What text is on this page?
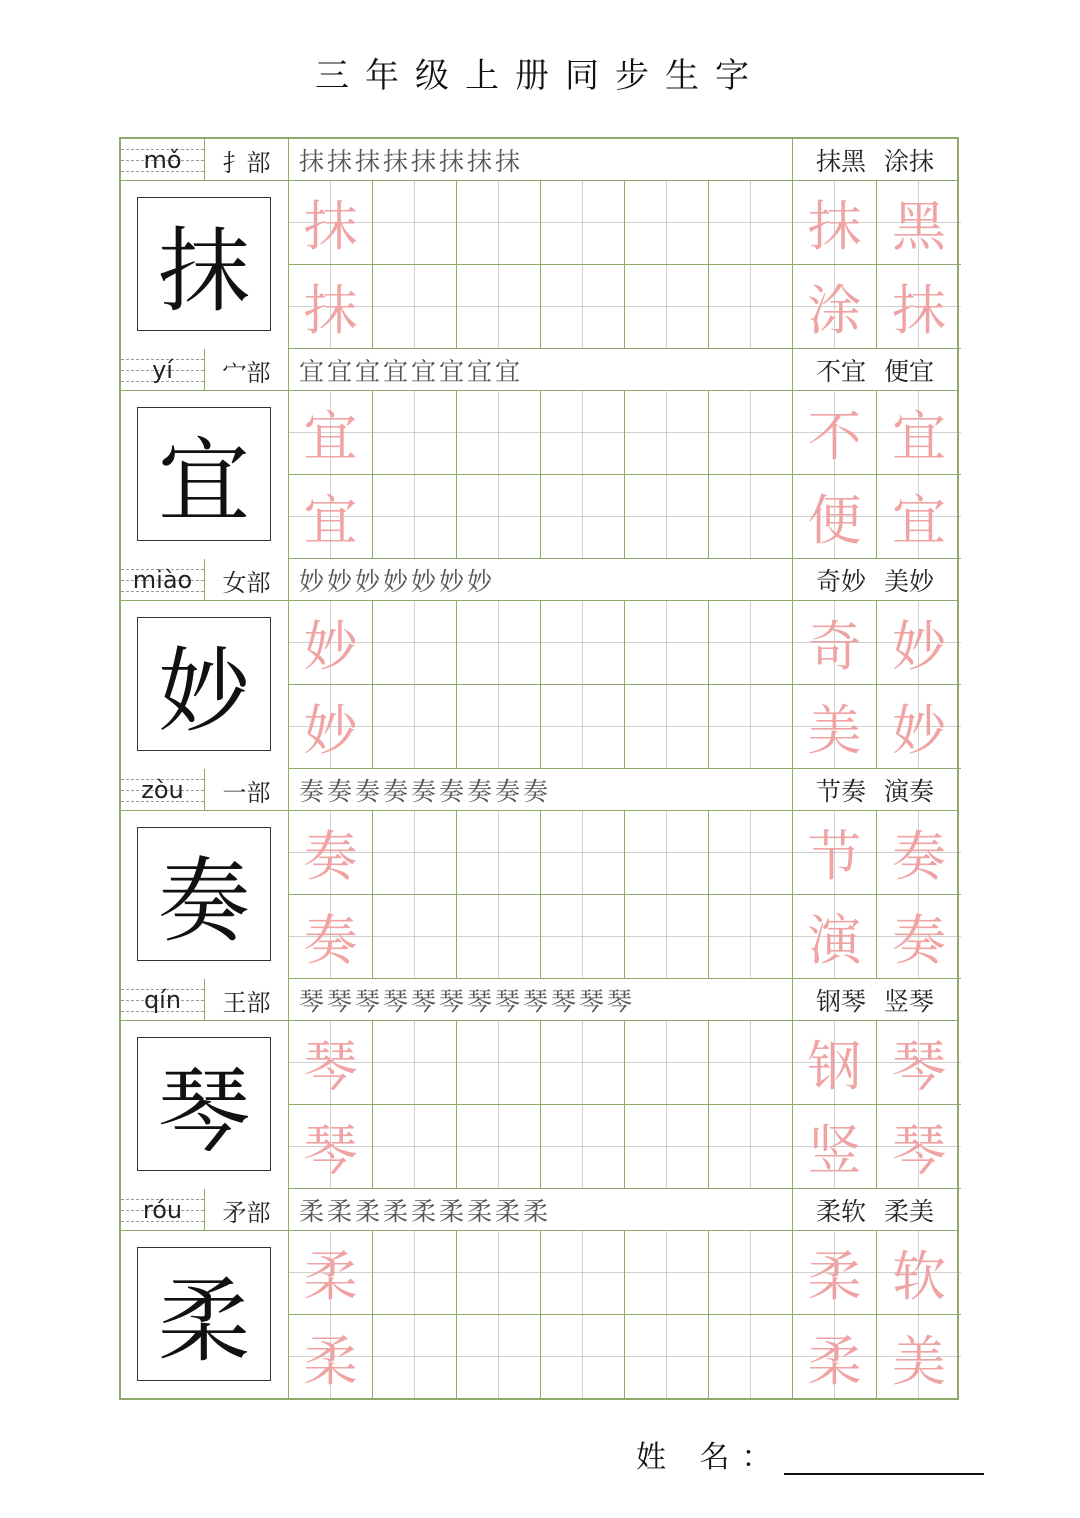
三年级上册同步生字
mǒ	扌部	抹抹抹抹抹抹抹抹	抹黑 涂抹
抹 抹	抹 黑
抹	涂 抹
yí	宀部	宜宜宜宜宜宜宜宜	不宜 便宜
宜 宜	不 宜
宜	便 宜
miào	女部	妙妙妙妙妙妙妙	奇妙 美妙
妙 妙	奇 妙
妙	美 妙
zòu	一部	奏奏奏奏奏奏奏奏奏	节奏 演奏
奏 奏	节 奏
奏	演 奏
qín	王部	琴琴琴琴琴琴琴琴琴琴琴琴	钢琴 竖琴
琴 琴	钢 琴
琴	竖 琴
róu	矛部	柔柔柔柔柔柔柔柔柔	柔软 柔美
柔 柔	柔 软
柔	柔 美
姓 名：
